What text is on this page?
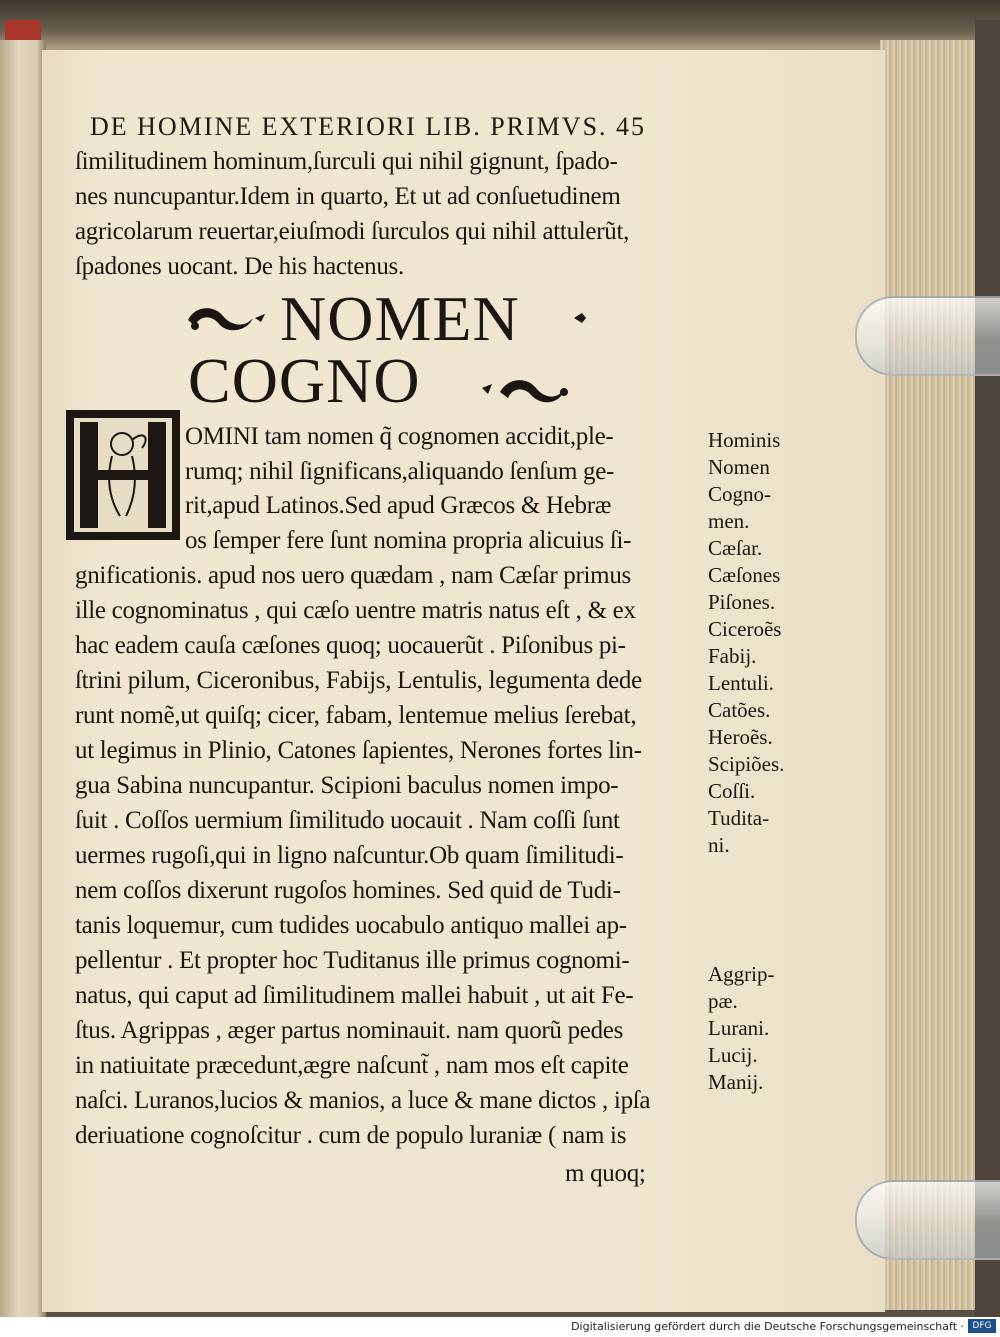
DE HOMINE EXTERIORI LIB. PRIMVS. 45
ſimilitudinem hominum,ſurculi qui nihil gignunt, ſpado-
nes nuncupantur.Idem in quarto, Et ut ad conſuetudinem
agricolarum reuertar,eiuſmodi ſurculos qui nihil attulerũt,
ſpadones uocant. De his hactenus.
NOMEN
COGNO
OMINI tam nomen q̃ cognomen accidit,ple-
rumq; nihil ſignificans,aliquando ſenſum ge-
rit,apud Latinos.Sed apud Græcos & Hebræ
os ſemper fere ſunt nomina propria alicuius ſi-
gnificationis. apud nos uero quædam , nam Cæſar primus
ille cognominatus , qui cæſo uentre matris natus eſt , & ex
hac eadem cauſa cæſones quoq; uocauerũt . Piſonibus pi-
ſtrini pilum, Ciceronibus, Fabijs, Lentulis, legumenta dede
runt nomẽ,ut quiſq; cicer, fabam, lentemue melius ſerebat,
ut legimus in Plinio, Catones ſapientes, Nerones fortes lin-
gua Sabina nuncupantur. Scipioni baculus nomen impo-
ſuit . Coſſos uermium ſimilitudo uocauit . Nam coſſi ſunt
uermes rugoſi,qui in ligno naſcuntur.Ob quam ſimilitudi-
nem coſſos dixerunt rugoſos homines. Sed quid de Tudi-
tanis loquemur, cum tudides uocabulo antiquo mallei ap-
pellentur . Et propter hoc Tuditanus ille primus cognomi-
natus, qui caput ad ſimilitudinem mallei habuit , ut ait Fe-
ſtus. Agrippas , æger partus nominauit. nam quorũ pedes
in natiuitate præcedunt,ægre naſcunt̃ , nam mos eſt capite
naſci. Luranos,lucios & manios, a luce & mane dictos , ipſa
deriuatione cognoſcitur . cum de populo luraniæ ( nam is
m quoq;
Hominis
Nomen
Cogno-
men.
Cæſar.
Cæſones
Piſones.
Ciceroẽs
Fabij.
Lentuli.
Catões.
Heroẽs.
Scipiões.
Coſſi.
Tudita-
ni.
Aggrip-
pæ.
Lurani.
Lucij.
Manij.
Digitalisierung gefördert durch die Deutsche Forschungsgemeinschaft · DFG
